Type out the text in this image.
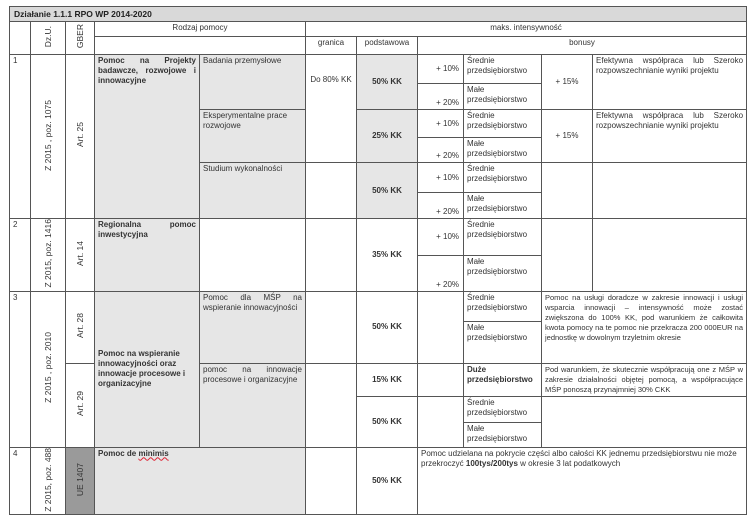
Działanie 1.1.1 RPO WP 2014-2020										
	Dz.U.	GBER	Rodzaj pomocy		maks. intensywność					
					granica	podstawowa	bonusy			
1	Z 2015 , poz. 1075	Art. 25	Pomoc na Projekty badawcze, rozwojowe i innowacyjne	Badania przemysłowe	Do 80% KK	50% KK	+ 10%	Średnie przedsiębiorstwo	+ 15%	Efektywna współpraca lub Szeroko rozpowszechnianie wyniki projektu
							+ 20%	Małe przedsiębiorstwo		
				Eksperymentalne prace rozwojowe		25% KK	+ 10%	Średnie przedsiębiorstwo	+ 15%	Efektywna współpraca lub Szeroko rozpowszechnianie wyniki projektu
							+ 20%	Małe przedsiębiorstwo		
				Studium wykonalności		50% KK	+ 10%	Średnie przedsiębiorstwo		
							+ 20%	Małe przedsiębiorstwo		
2	Z 2015, poz. 1416	Art. 14	Regionalna pomoc inwestycyjna			35% KK	+ 10%	Średnie przedsiębiorstwo		
							+ 20%	Małe przedsiębiorstwo		
3	Z 2015 , poz. 2010	Art. 28	Pomoc na wspieranie innowacyjności oraz innowacje procesowe i organizacyjne	Pomoc dla MŚP na wspieranie innowacyjności		50% KK		Średnie przedsiębiorstwo	Pomoc na usługi doradcze w zakresie innowacji i usługi wsparcia innowacji – intensywność może zostać zwiększona do 100% KK, pod warunkiem że całkowita kwota pomocy na te pomoc nie przekracza 200 000EUR na jednostkę w dowolnym trzyletnim okresie	
								Małe przedsiębiorstwo		
		Art. 29		pomoc na innowacje procesowe i organizacyjne		15% KK		Duże przedsiębiorstwo	Pod warunkiem, że skutecznie współpracują one z MŚP w zakresie działalności objętej pomocą, a współpracujące MŚP ponoszą przynajmniej 30% CKK	
						50% KK		Średnie przedsiębiorstwo		
								Małe przedsiębiorstwo		
4	Z 2015, poz. 488	UE 1407	Pomoc de minimis			50% KK	Pomoc udzielana na pokrycie części albo całości KK jednemu przedsiębiorstwu nie może przekroczyć 100tys/200tys w okresie 3 lat podatkowych			
